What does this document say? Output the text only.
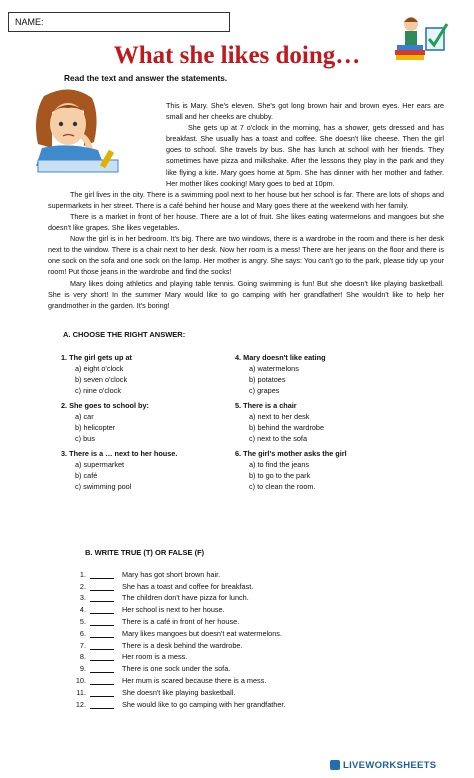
NAME:
What she likes doing…
Read the text and answer the statements.

This is Mary. She's eleven. She's got long brown hair and brown eyes. Her ears are small and her cheeks are chubby.

She gets up at 7 o'clock in the morning, has a shower, gets dressed and has breakfast. She usually has a toast and coffee. She doesn't like cheese. Then the girl goes to school. She travels by bus. She has lunch at school with her friends. They sometimes have pizza and milkshake. After the lessons they play in the park and they like flying a kite. Mary goes home at 5pm. She has dinner with her mother and father. Her mother likes cooking! Mary goes to bed at 10pm.

The girl lives in the city. There is a swimming pool next to her house but her school is far. There are lots of shops and supermarkets in her street. There is a café behind her house and Mary goes there at the weekend with her family.

There is a market in front of her house. There are a lot of fruit. She likes eating watermelons and mangoes but she doesn't like grapes. She likes vegetables.

Now the girl is in her bedroom. It's big. There are two windows, there is a wardrobe in the room and there is her desk next to the window. There is a chair next to her desk. Now her room is a mess! There are her jeans on the floor and there is one sock on the sofa and one sock on the lamp. Her mother is angry. She says: You can't go to the park, please tidy up your room! Put those jeans in the wardrobe and find the socks!

Mary likes doing athletics and playing table tennis. Going swimming is fun! But she doesn't like playing basketball. She is very short! In the summer Mary would like to go camping with her grandfather! She wouldn't like to help her grandmother in the garden. It's boring!

A. CHOOSE THE RIGHT ANSWER:
1. The girl gets up at
a) eight o'clock
b) seven o'clock
c) nine o'clock
2. She goes to school by:
a) car
b) helicopter
c) bus
3. There is a … next to her house.
a) supermarket
b) café
c) swimming pool
4. Mary doesn't like eating
a) watermelons
b) potatoes
c) grapes
5. There is a chair
a) next to her desk
b) behind the wardrobe
c) next to the sofa
6. The girl's mother asks the girl
a) to find the jeans
b) to go to the park
c) to clean the room.
B. WRITE TRUE (T) OR FALSE (F)
1.	Mary has got short brown hair.
2.	She has a toast and coffee for breakfast.
3.	The children don't have pizza for lunch.
4.	Her school is next to her house.
5.	There is a café in front of her house.
6.	Mary likes mangoes but doesn't eat watermelons.
7.	There is a desk behind the wardrobe.
8.	Her room is a mess.
9.	There is one sock under the sofa.
10.	Her mum is scared because there is a mess.
11.	She doesn't like playing basketball.
12.	She would like to go camping with her grandfather.
LIVEWORKSHEETS
